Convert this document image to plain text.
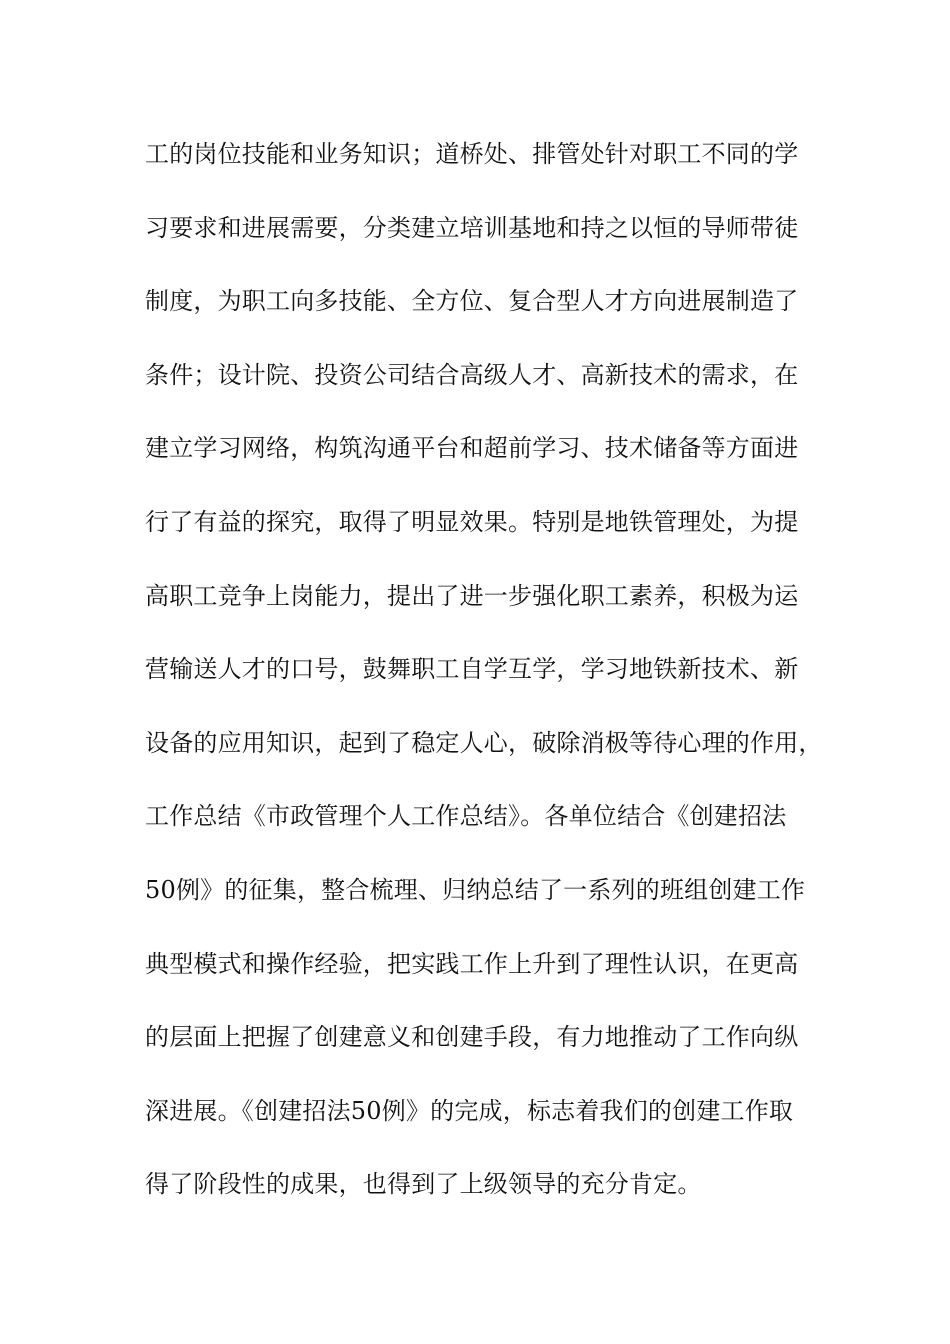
工的岗位技能和业务知识；道桥处、排管处针对职工不同的学
习要求和进展需要，分类建立培训基地和持之以恒的导师带徒
制度，为职工向多技能、全方位、复合型人才方向进展制造了
条件；设计院、投资公司结合高级人才、高新技术的需求，在
建立学习网络，构筑沟通平台和超前学习、技术储备等方面进
行了有益的探究，取得了明显效果。特别是地铁管理处，为提
高职工竞争上岗能力，提出了进一步强化职工素养，积极为运
营输送人才的口号，鼓舞职工自学互学，学习地铁新技术、新
设备的应用知识，起到了稳定人心，破除消极等待心理的作用，
工作总结《市政管理个人工作总结》。各单位结合《创建招法
50例》的征集，整合梳理、归纳总结了一系列的班组创建工作
典型模式和操作经验，把实践工作上升到了理性认识，在更高
的层面上把握了创建意义和创建手段，有力地推动了工作向纵
深进展。《创建招法50例》的完成，标志着我们的创建工作取
得了阶段性的成果，也得到了上级领导的充分肯定。
